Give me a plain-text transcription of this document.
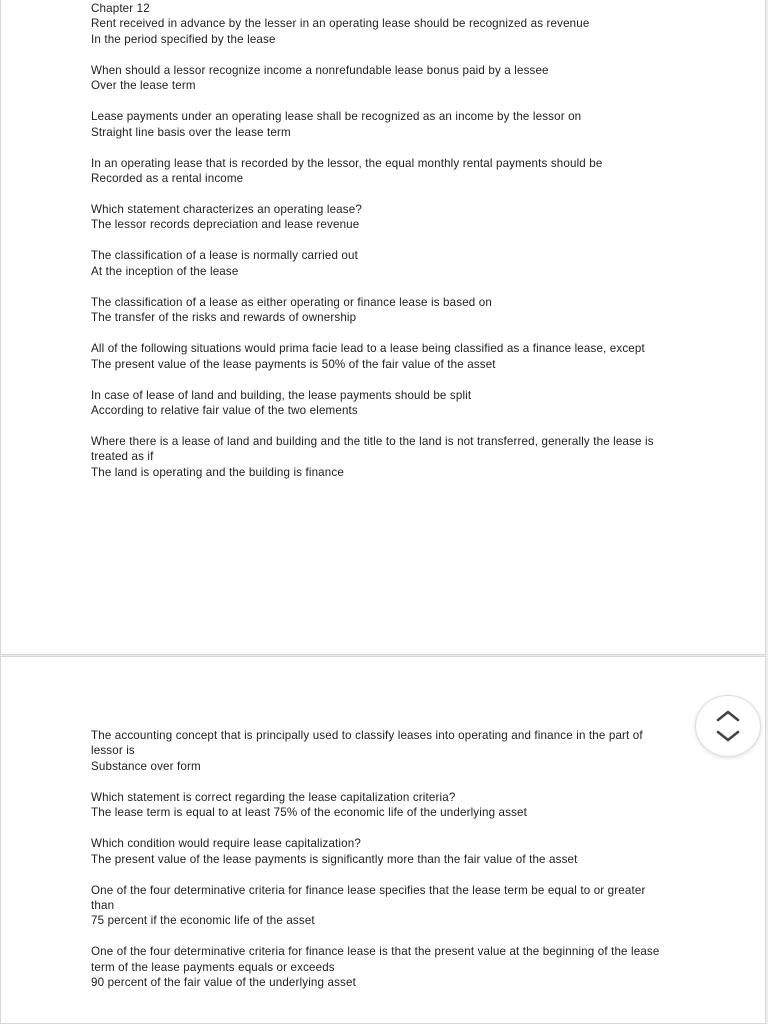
Chapter 12

Rent received in advance by the lesser in an operating lease should be recognized as revenue

In the period specified by the lease

When should a lessor recognize income a nonrefundable lease bonus paid by a lessee

Over the lease term

Lease payments under an operating lease shall be recognized as an income by the lessor on

Straight line basis over the lease term

In an operating lease that is recorded by the lessor, the equal monthly rental payments should be

Recorded as a rental income

Which statement characterizes an operating lease?

The lessor records depreciation and lease revenue

The classification of a lease is normally carried out

At the inception of the lease

The classification of a lease as either operating or finance lease is based on

The transfer of the risks and rewards of ownership

All of the following situations would prima facie lead to a lease being classified as a finance lease, except

The present value of the lease payments is 50% of the fair value of the asset

In case of lease of land and building, the lease payments should be split

According to relative fair value of the two elements

Where there is a lease of land and building and the title to the land is not transferred, generally the lease is treated as if

The land is operating and the building is finance

The accounting concept that is principally used to classify leases into operating and finance in the part of lessor is

Substance over form

Which statement is correct regarding the lease capitalization criteria?

The lease term is equal to at least 75% of the economic life of the underlying asset

Which condition would require lease capitalization?

The present value of the lease payments is significantly more than the fair value of the asset

One of the four determinative criteria for finance lease specifies that the lease term be equal to or greater than

75 percent if the economic life of the asset

One of the four determinative criteria for finance lease is that the present value at the beginning of the lease term of the lease payments equals or exceeds

90 percent of the fair value of the underlying asset
